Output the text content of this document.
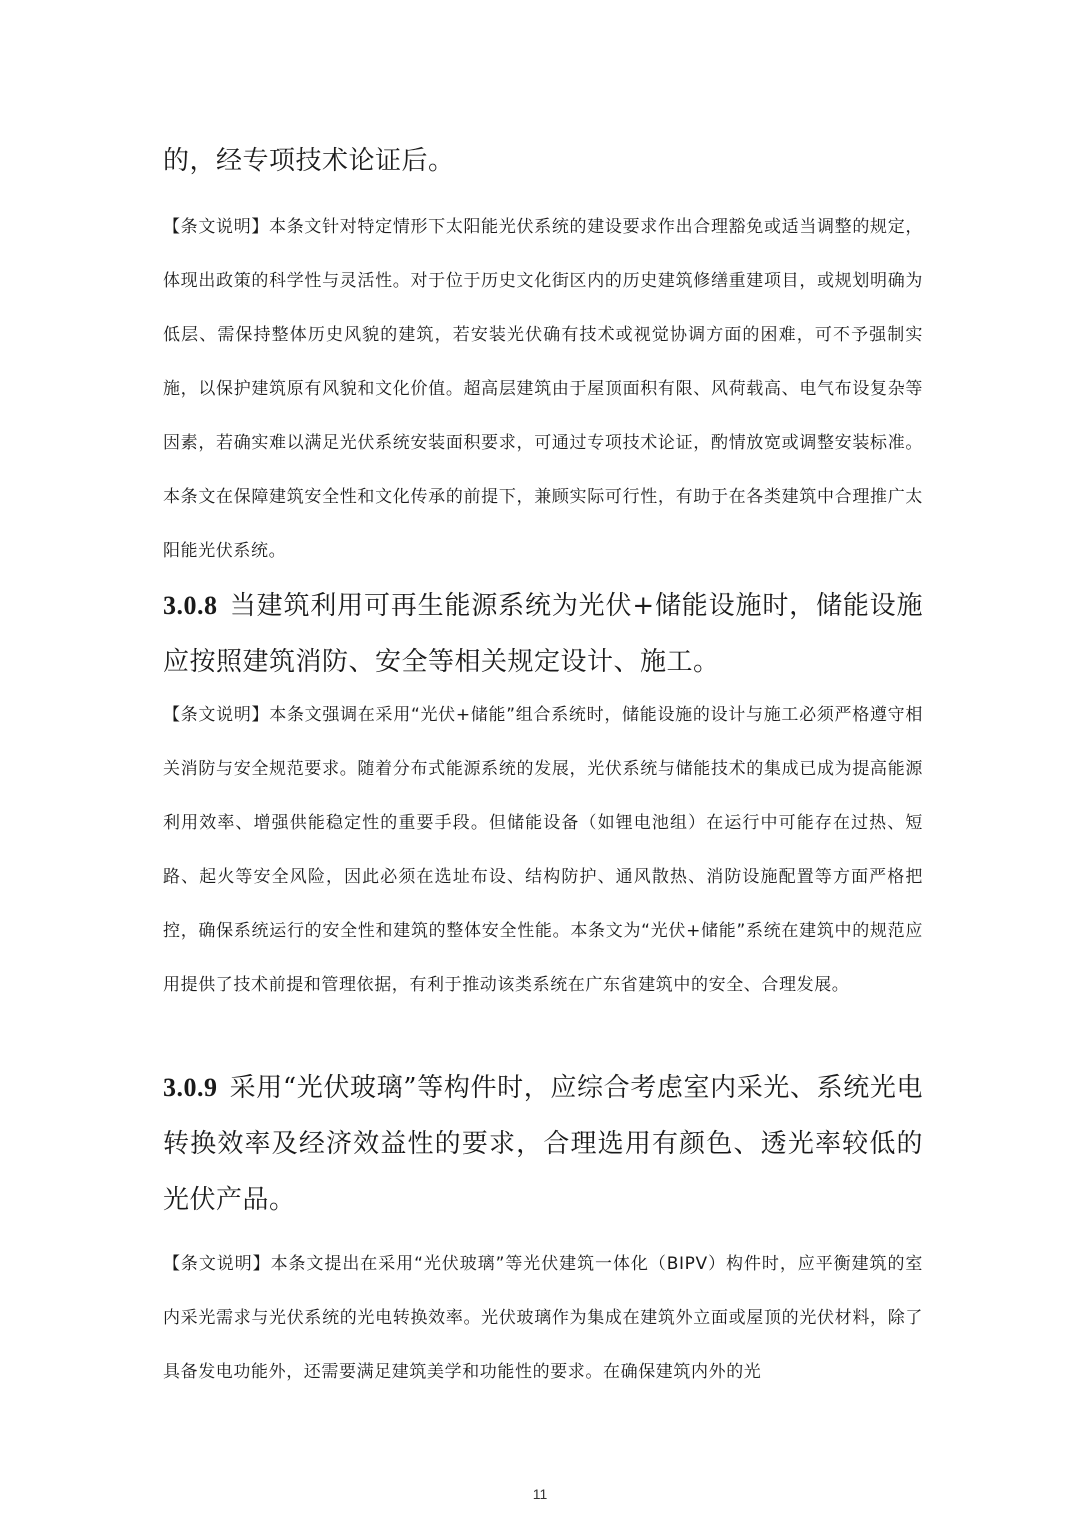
的，经专项技术论证后。

【条文说明】本条文针对特定情形下太阳能光伏系统的建设要求作出合理豁免或适当调整的规定，体现出政策的科学性与灵活性。对于位于历史文化街区内的历史建筑修缮重建项目，或规划明确为低层、需保持整体历史风貌的建筑，若安装光伏确有技术或视觉协调方面的困难，可不予强制实施，以保护建筑原有风貌和文化价值。超高层建筑由于屋顶面积有限、风荷载高、电气布设复杂等因素，若确实难以满足光伏系统安装面积要求，可通过专项技术论证，酌情放宽或调整安装标准。本条文在保障建筑安全性和文化传承的前提下，兼顾实际可行性，有助于在各类建筑中合理推广太阳能光伏系统。

3.0.8 当建筑利用可再生能源系统为光伏+储能设施时，储能设施应按照建筑消防、安全等相关规定设计、施工。

【条文说明】本条文强调在采用“光伏+储能”组合系统时，储能设施的设计与施工必须严格遵守相关消防与安全规范要求。随着分布式能源系统的发展，光伏系统与储能技术的集成已成为提高能源利用效率、增强供能稳定性的重要手段。但储能设备（如锂电池组）在运行中可能存在过热、短路、起火等安全风险，因此必须在选址布设、结构防护、通风散热、消防设施配置等方面严格把控，确保系统运行的安全性和建筑的整体安全性能。本条文为“光伏+储能”系统在建筑中的规范应用提供了技术前提和管理依据，有利于推动该类系统在广东省建筑中的安全、合理发展。

3.0.9 采用“光伏玻璃”等构件时，应综合考虑室内采光、系统光电转换效率及经济效益性的要求，合理选用有颜色、透光率较低的光伏产品。

【条文说明】本条文提出在采用“光伏玻璃”等光伏建筑一体化（BIPV）构件时，应平衡建筑的室内采光需求与光伏系统的光电转换效率。光伏玻璃作为集成在建筑外立面或屋顶的光伏材料，除了具备发电功能外，还需要满足建筑美学和功能性的要求。在确保建筑内外的光

11
